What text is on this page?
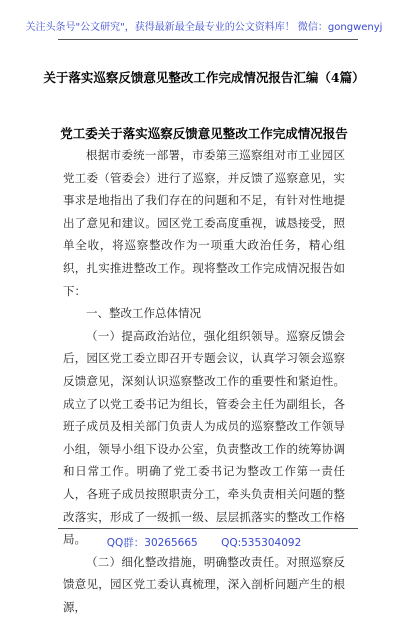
关注头条号"公文研究"，获得最新最全最专业的公文资料库！ 微信：gongwenyj
关于落实巡察反馈意见整改工作完成情况报告汇编（4篇）
党工委关于落实巡察反馈意见整改工作完成情况报告

根据市委统一部署，市委第三巡察组对市工业园区党工委（管委会）进行了巡察，并反馈了巡察意见，实事求是地指出了我们存在的问题和不足，有针对性地提出了意见和建议。园区党工委高度重视，诚恳接受，照单全收，将巡察整改作为一项重大政治任务，精心组织，扎实推进整改工作。现将整改工作完成情况报告如下：

一、整改工作总体情况

（一）提高政治站位，强化组织领导。巡察反馈会后，园区党工委立即召开专题会议，认真学习领会巡察反馈意见，深刻认识巡察整改工作的重要性和紧迫性。成立了以党工委书记为组长，管委会主任为副组长，各班子成员及相关部门负责人为成员的巡察整改工作领导小组，领导小组下设办公室，负责整改工作的统筹协调和日常工作。明确了党工委书记为整改工作第一责任人，各班子成员按照职责分工，牵头负责相关问题的整改落实，形成了一级抓一级、层层抓落实的整改工作格局。

（二）细化整改措施，明确整改责任。对照巡察反馈意见，园区党工委认真梳理，深入剖析问题产生的根源，

QQ群：30265665 QQ:535304092
